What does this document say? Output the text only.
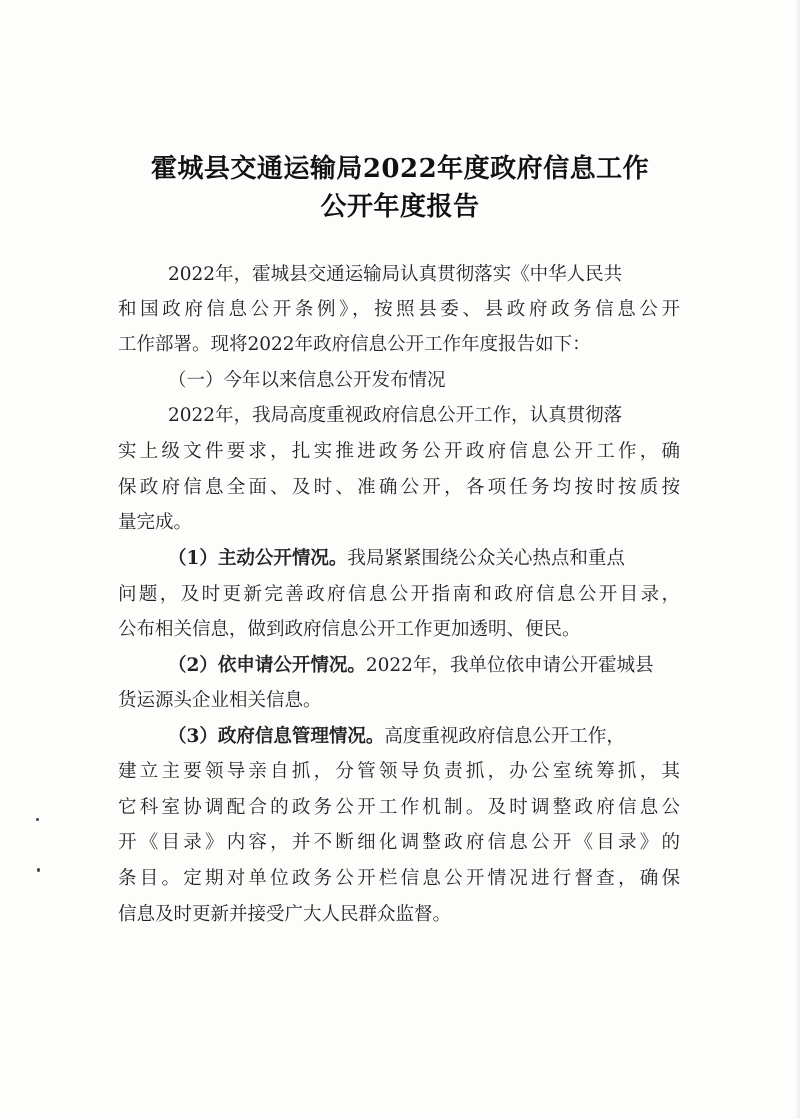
霍城县交通运输局2022年度政府信息工作
公开年度报告
2022年，霍城县交通运输局认真贯彻落实《中华人民共
和国政府信息公开条例》，按照县委、县政府政务信息公开
工作部署。现将2022年政府信息公开工作年度报告如下：
（一）今年以来信息公开发布情况
2022年，我局高度重视政府信息公开工作，认真贯彻落
实上级文件要求，扎实推进政务公开政府信息公开工作，确
保政府信息全面、及时、准确公开，各项任务均按时按质按
量完成。
（1）主动公开情况。我局紧紧围绕公众关心热点和重点
问题，及时更新完善政府信息公开指南和政府信息公开目录，
公布相关信息，做到政府信息公开工作更加透明、便民。
（2）依申请公开情况。2022年，我单位依申请公开霍城县
货运源头企业相关信息。
（3）政府信息管理情况。高度重视政府信息公开工作，
建立主要领导亲自抓，分管领导负责抓，办公室统筹抓，其
它科室协调配合的政务公开工作机制。及时调整政府信息公
开《目录》内容，并不断细化调整政府信息公开《目录》的
条目。定期对单位政务公开栏信息公开情况进行督查，确保
信息及时更新并接受广大人民群众监督。
